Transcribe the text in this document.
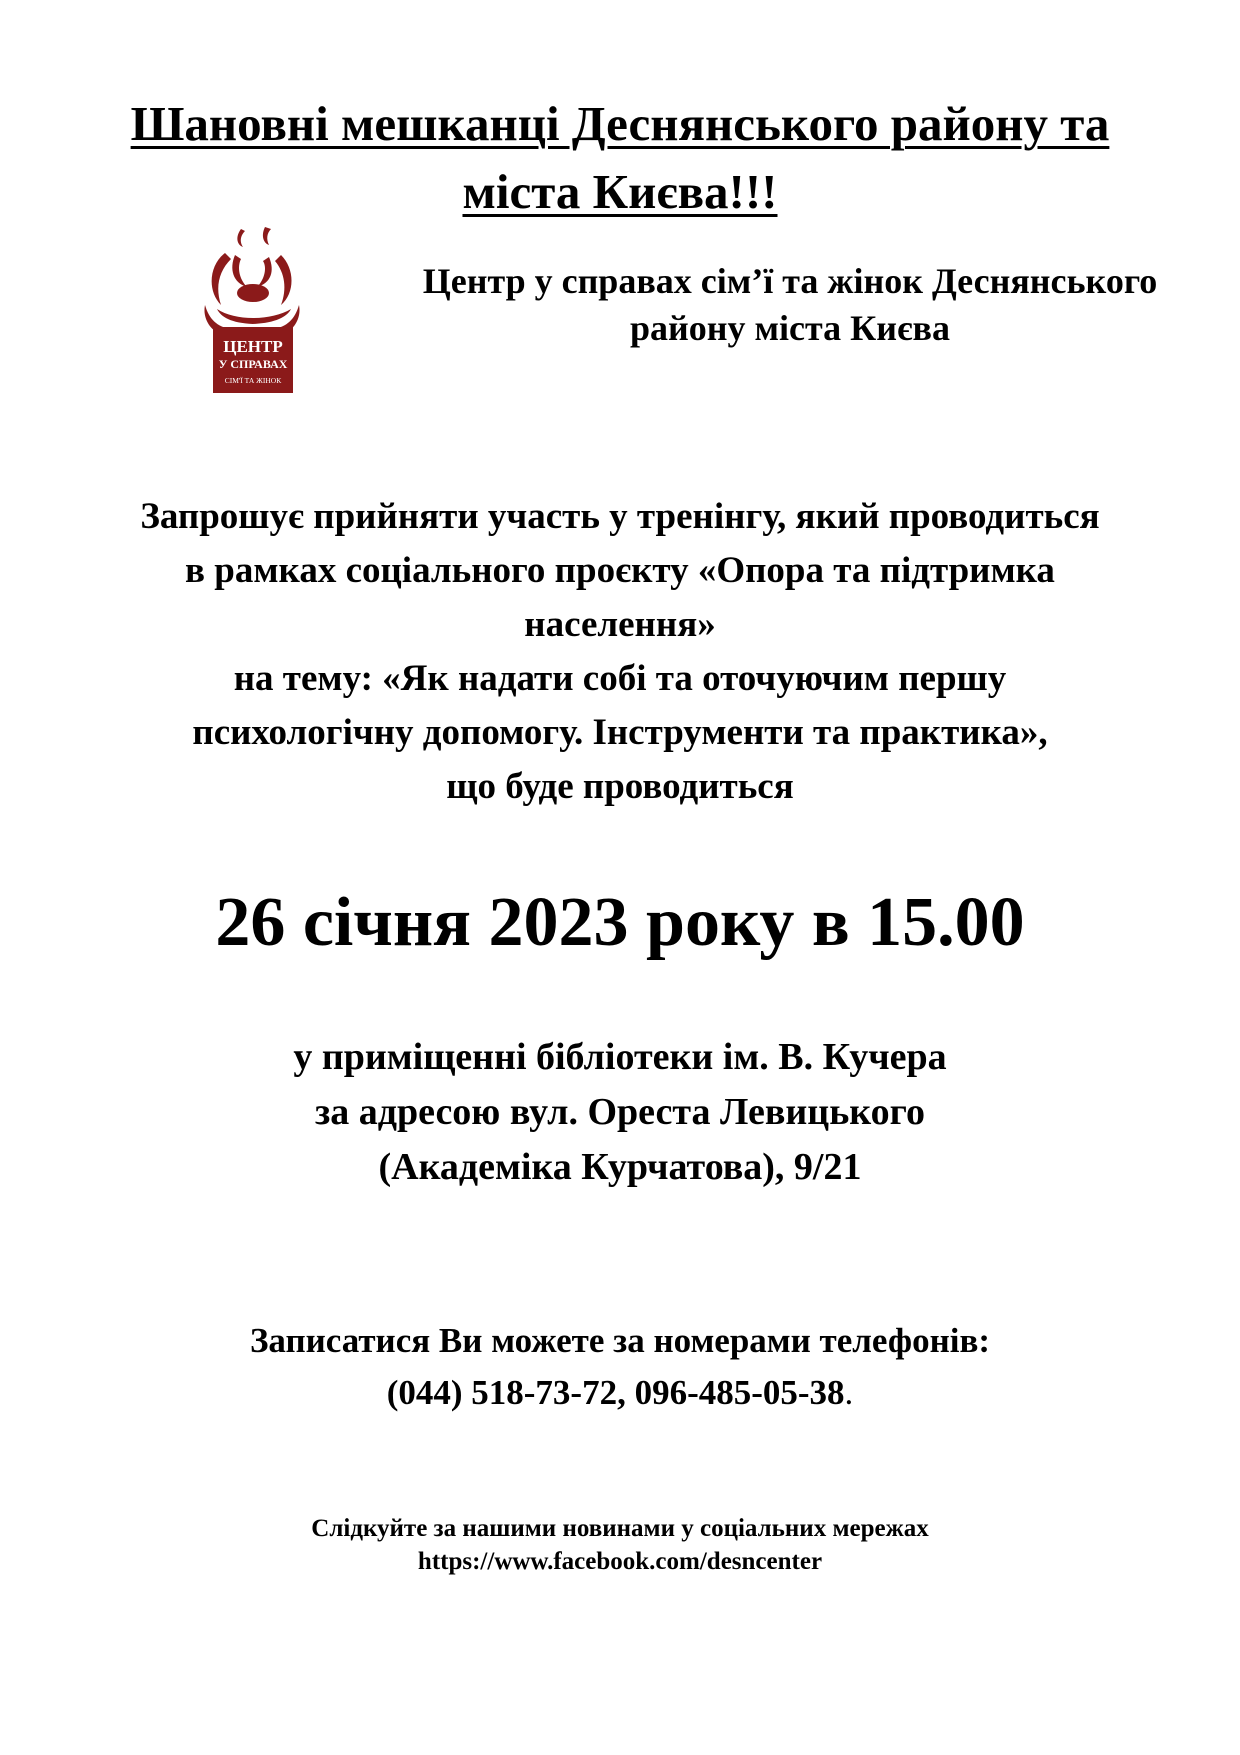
Шановні мешканці Деснянського району та
міста Києва!!!
ЦЕНТР
У СПРАВАХ
СІМ'Ї ТА ЖІНОК
Центр у справах сім’ї та жінок Деснянського
району міста Києва
Запрошує прийняти участь у тренінгу, який проводиться
в рамках соціального проєкту «Опора та підтримка
населення»
на тему: «Як надати собі та оточуючим першу
психологічну допомогу. Інструменти та практика»,
що буде проводиться
26 січня 2023 року в 15.00
у приміщенні бібліотеки ім. В. Кучера
за адресою вул. Ореста Левицького
(Академіка Курчатова), 9/21
Записатися Ви можете за номерами телефонів:
(044) 518-73-72, 096-485-05-38.
Слідкуйте за нашими новинами у соціальних мережах
https://www.facebook.com/desncenter
